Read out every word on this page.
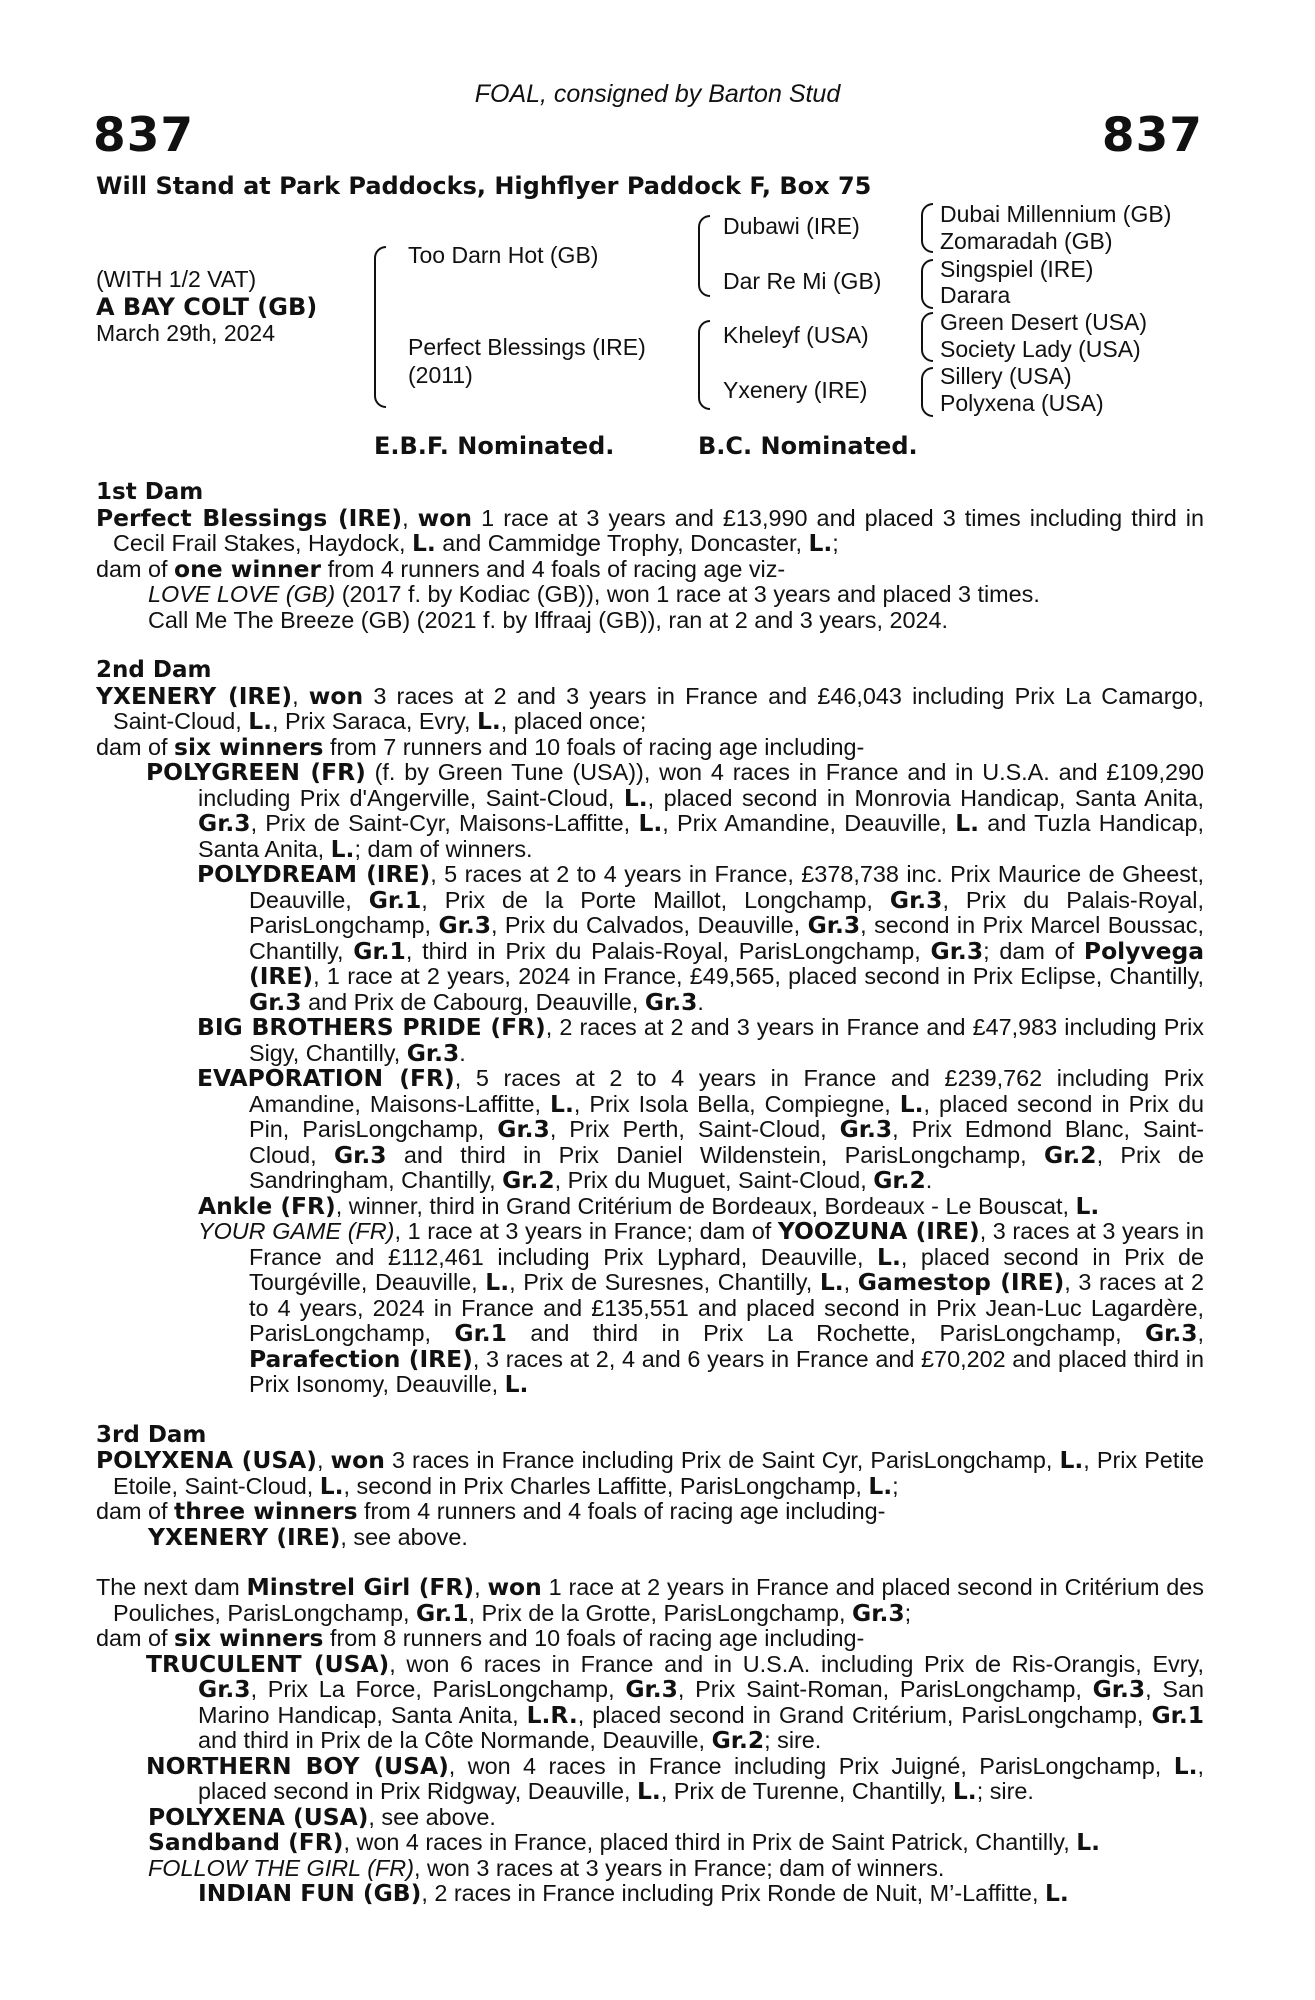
FOAL, consigned by Barton Stud
837	837
Will Stand at Park Paddocks, Highflyer Paddock F, Box 75
(WITH 1/2 VAT)
A BAY COLT (GB)
March 29th, 2024
Too Darn Hot (GB)
Perfect Blessings (IRE)
(2011)
Dubawi (IRE)
Dar Re Mi (GB)
Kheleyf (USA)
Yxenery (IRE)
Dubai Millennium (GB)
Zomaradah (GB)
Singspiel (IRE)
Darara
Green Desert (USA)
Society Lady (USA)
Sillery (USA)
Polyxena (USA)
E.B.F. Nominated.	B.C. Nominated.

1st Dam

Perfect Blessings (IRE), won 1 race at 3 years and £13,990 and placed 3 times including third in Cecil Frail Stakes, Haydock, L. and Cammidge Trophy, Doncaster, L.;

dam of one winner from 4 runners and 4 foals of racing age viz-

LOVE LOVE (GB) (2017 f. by Kodiac (GB)), won 1 race at 3 years and placed 3 times.

Call Me The Breeze (GB) (2021 f. by Iffraaj (GB)), ran at 2 and 3 years, 2024.

2nd Dam

YXENERY (IRE), won 3 races at 2 and 3 years in France and £46,043 including Prix La Camargo, Saint-Cloud, L., Prix Saraca, Evry, L., placed once;

dam of six winners from 7 runners and 10 foals of racing age including-

POLYGREEN (FR) (f. by Green Tune (USA)), won 4 races in France and in U.S.A. and £109,290 including Prix d'Angerville, Saint-Cloud, L., placed second in Monrovia Handicap, Santa Anita, Gr.3, Prix de Saint-Cyr, Maisons-Laffitte, L., Prix Amandine, Deauville, L. and Tuzla Handicap, Santa Anita, L.; dam of winners.

POLYDREAM (IRE), 5 races at 2 to 4 years in France, £378,738 inc. Prix Maurice de Gheest, Deauville, Gr.1, Prix de la Porte Maillot, Longchamp, Gr.3, Prix du Palais-Royal, ParisLongchamp, Gr.3, Prix du Calvados, Deauville, Gr.3, second in Prix Marcel Boussac, Chantilly, Gr.1, third in Prix du Palais-Royal, ParisLongchamp, Gr.3; dam of Polyvega (IRE), 1 race at 2 years, 2024 in France, £49,565, placed second in Prix Eclipse, Chantilly, Gr.3 and Prix de Cabourg, Deauville, Gr.3.

BIG BROTHERS PRIDE (FR), 2 races at 2 and 3 years in France and £47,983 including Prix Sigy, Chantilly, Gr.3.

EVAPORATION (FR), 5 races at 2 to 4 years in France and £239,762 including Prix Amandine, Maisons-Laffitte, L., Prix Isola Bella, Compiegne, L., placed second in Prix du Pin, ParisLongchamp, Gr.3, Prix Perth, Saint-Cloud, Gr.3, Prix Edmond Blanc, Saint-Cloud, Gr.3 and third in Prix Daniel Wildenstein, ParisLongchamp, Gr.2, Prix de Sandringham, Chantilly, Gr.2, Prix du Muguet, Saint-Cloud, Gr.2.

Ankle (FR), winner, third in Grand Critérium de Bordeaux, Bordeaux - Le Bouscat, L.

YOUR GAME (FR), 1 race at 3 years in France; dam of YOOZUNA (IRE), 3 races at 3 years in France and £112,461 including Prix Lyphard, Deauville, L., placed second in Prix de Tourgéville, Deauville, L., Prix de Suresnes, Chantilly, L., Gamestop (IRE), 3 races at 2 to 4 years, 2024 in France and £135,551 and placed second in Prix Jean-Luc Lagardère, ParisLongchamp, Gr.1 and third in Prix La Rochette, ParisLongchamp, Gr.3, Parafection (IRE), 3 races at 2, 4 and 6 years in France and £70,202 and placed third in Prix Isonomy, Deauville, L.

3rd Dam

POLYXENA (USA), won 3 races in France including Prix de Saint Cyr, ParisLongchamp, L., Prix Petite Etoile, Saint-Cloud, L., second in Prix Charles Laffitte, ParisLongchamp, L.;

dam of three winners from 4 runners and 4 foals of racing age including-

YXENERY (IRE), see above.

The next dam Minstrel Girl (FR), won 1 race at 2 years in France and placed second in Critérium des Pouliches, ParisLongchamp, Gr.1, Prix de la Grotte, ParisLongchamp, Gr.3;

dam of six winners from 8 runners and 10 foals of racing age including-

TRUCULENT (USA), won 6 races in France and in U.S.A. including Prix de Ris-Orangis, Evry, Gr.3, Prix La Force, ParisLongchamp, Gr.3, Prix Saint-Roman, ParisLongchamp, Gr.3, San Marino Handicap, Santa Anita, L.R., placed second in Grand Critérium, ParisLongchamp, Gr.1 and third in Prix de la Côte Normande, Deauville, Gr.2; sire.

NORTHERN BOY (USA), won 4 races in France including Prix Juigné, ParisLongchamp, L., placed second in Prix Ridgway, Deauville, L., Prix de Turenne, Chantilly, L.; sire.

POLYXENA (USA), see above.

Sandband (FR), won 4 races in France, placed third in Prix de Saint Patrick, Chantilly, L.

FOLLOW THE GIRL (FR), won 3 races at 3 years in France; dam of winners.

INDIAN FUN (GB), 2 races in France including Prix Ronde de Nuit, M’-Laffitte, L.
